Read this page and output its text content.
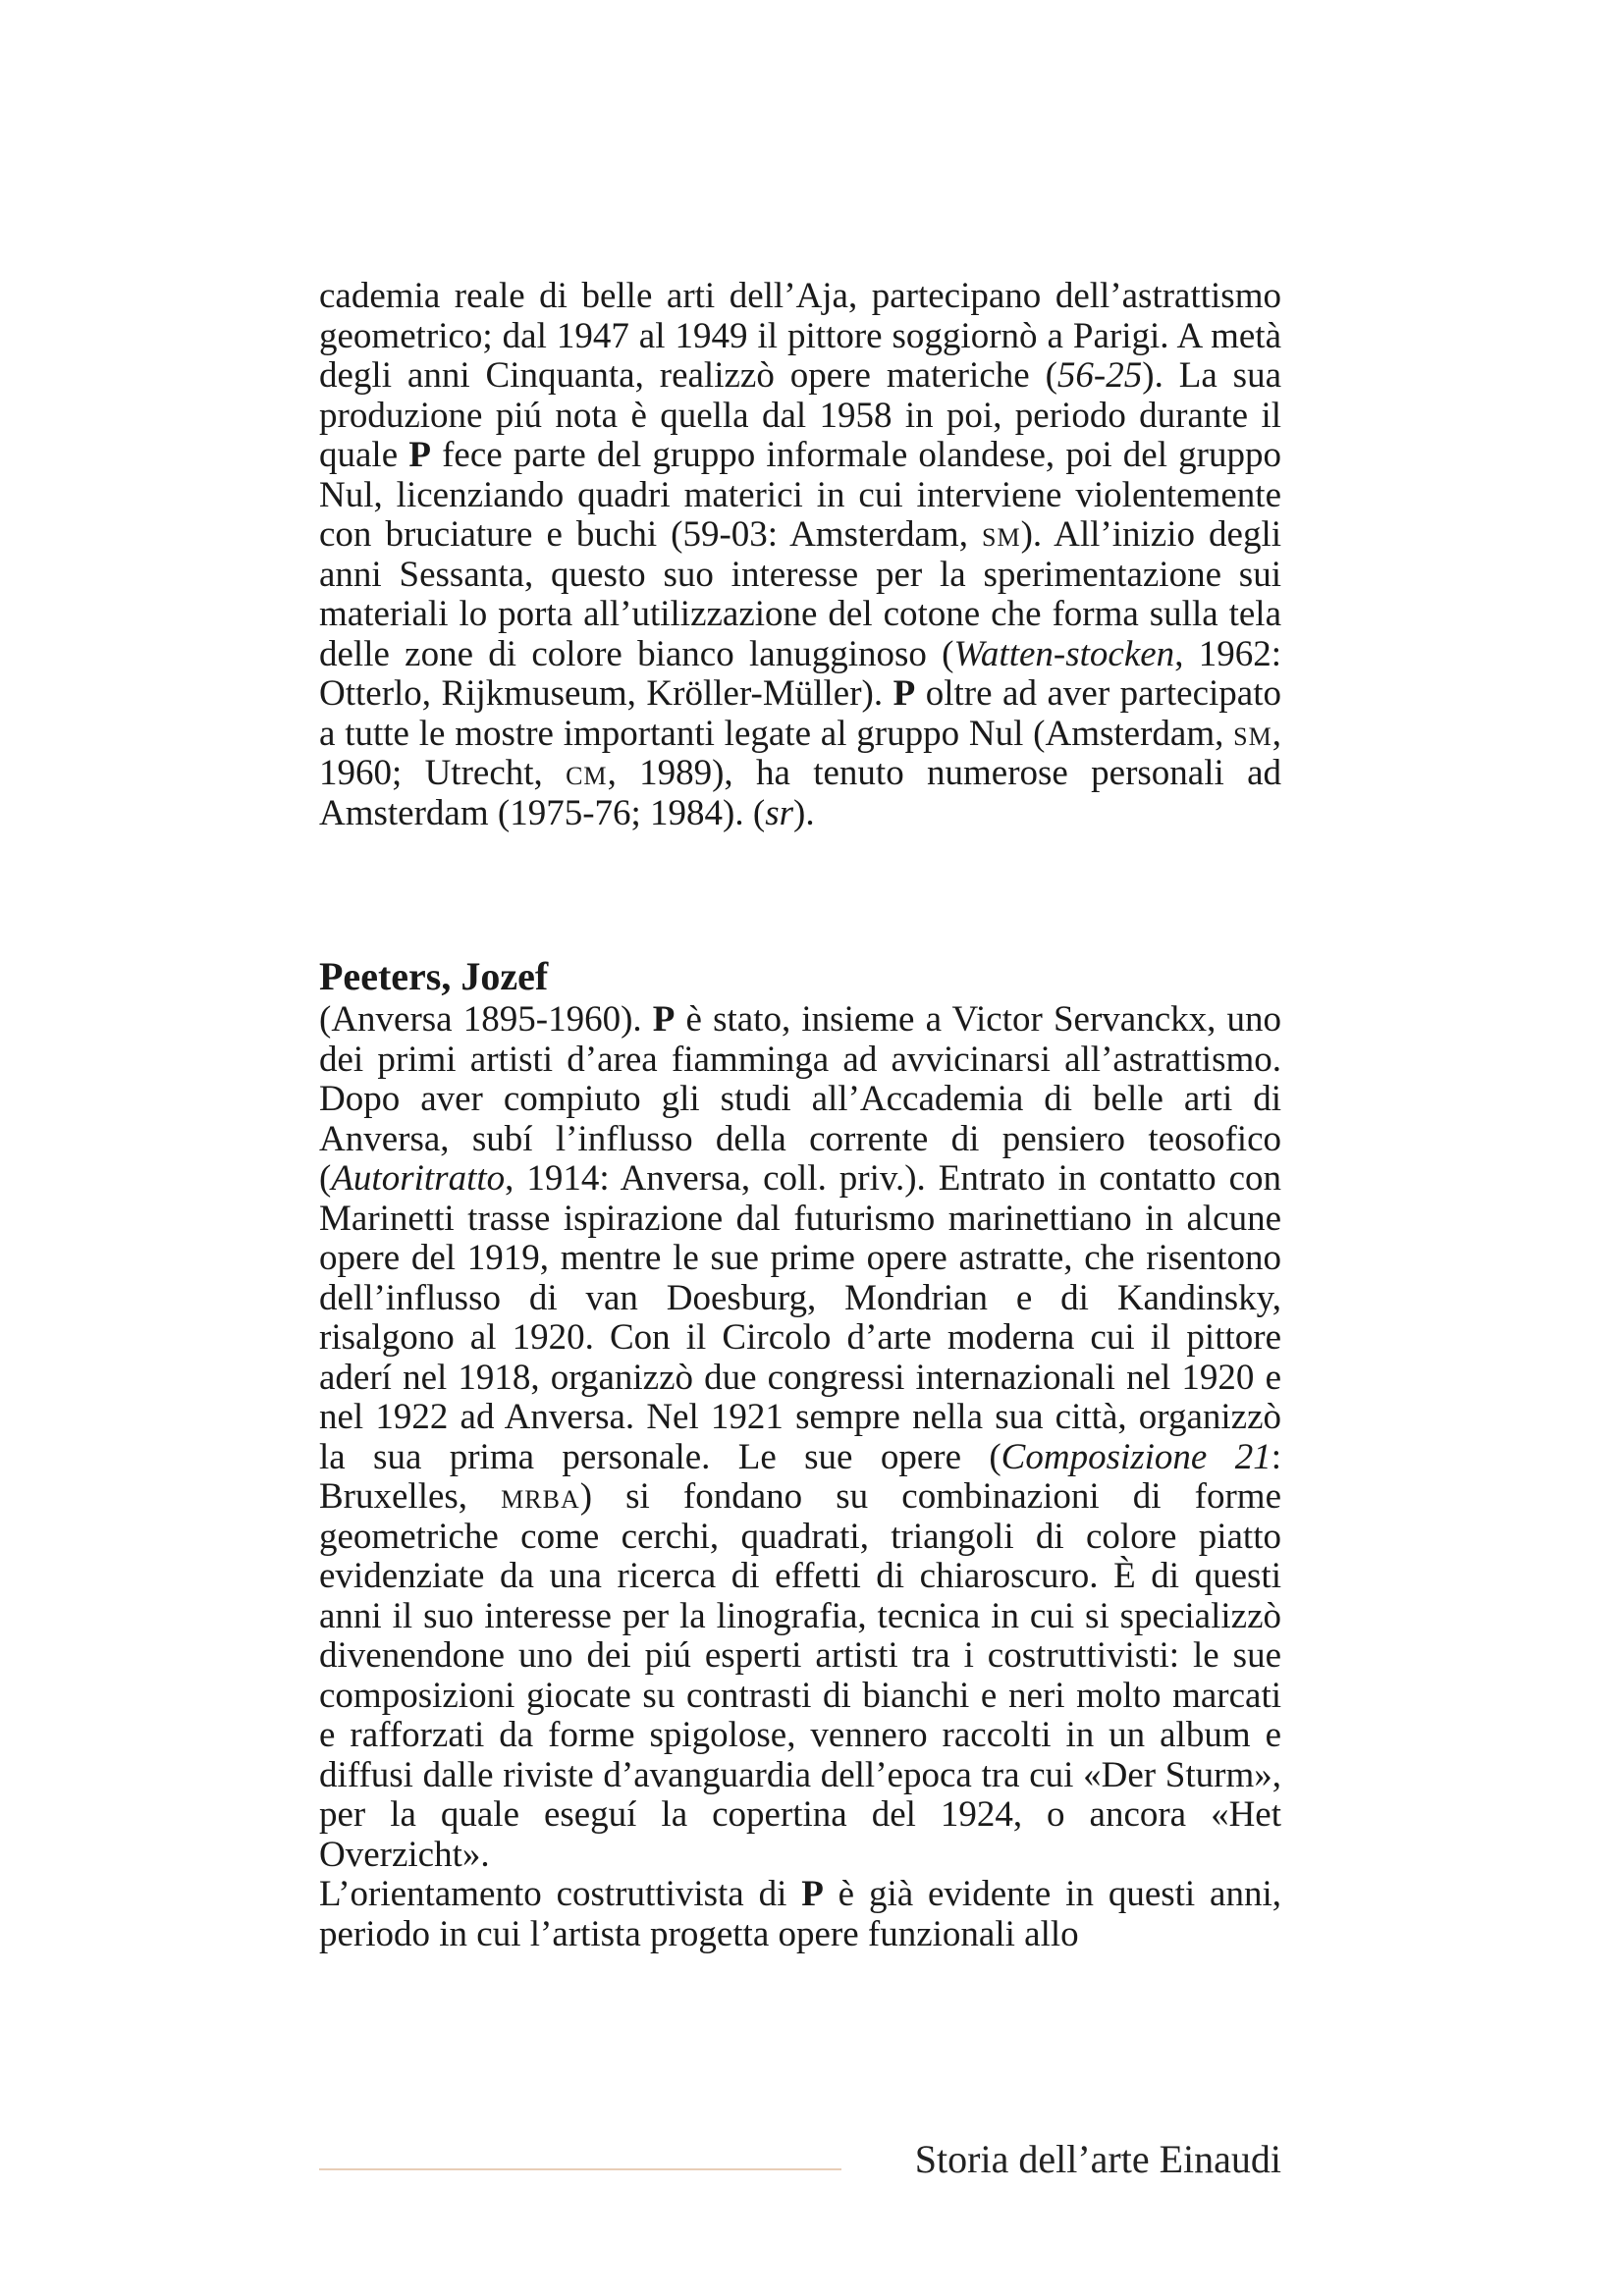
cademia reale di belle arti dell’Aja, partecipano dell’astrattismo geometrico; dal 1947 al 1949 il pittore soggiornò a Parigi. A metà degli anni Cinquanta, realizzò opere materiche (56-25). La sua produzione piú nota è quella dal 1958 in poi, periodo durante il quale P fece parte del gruppo informale olandese, poi del gruppo Nul, licenziando quadri materici in cui interviene violentemente con bruciature e buchi (59-03: Amsterdam, sm). All’inizio degli anni Sessanta, questo suo interesse per la sperimentazione sui materiali lo porta all’utilizzazione del cotone che forma sulla tela delle zone di colore bianco lanugginoso (Watten-stocken, 1962: Otterlo, Rijkmuseum, Kröller-Müller). P oltre ad aver partecipato a tutte le mostre importanti legate al gruppo Nul (Amsterdam, sm, 1960; Utrecht, cm, 1989), ha tenuto numerose personali ad Amsterdam (1975-76; 1984). (sr).

Peeters, Jozef

(Anversa 1895-1960). P è stato, insieme a Victor Servanckx, uno dei primi artisti d’area fiamminga ad avvicinarsi all’astrattismo. Dopo aver compiuto gli studi all’Accademia di belle arti di Anversa, subí l’influsso della corrente di pensiero teosofico (Autoritratto, 1914: Anversa, coll. priv.). Entrato in contatto con Marinetti trasse ispirazione dal futurismo marinettiano in alcune opere del 1919, mentre le sue prime opere astratte, che risentono dell’influsso di van Doesburg, Mondrian e di Kandinsky, risalgono al 1920. Con il Circolo d’arte moderna cui il pittore aderí nel 1918, organizzò due congressi internazionali nel 1920 e nel 1922 ad Anversa. Nel 1921 sempre nella sua città, organizzò la sua prima personale. Le sue opere (Composizione 21: Bruxelles, mrba) si fondano su combinazioni di forme geometriche come cerchi, quadrati, triangoli di colore piatto evidenziate da una ricerca di effetti di chiaroscuro. È di questi anni il suo interesse per la linografia, tecnica in cui si specializzò divenendone uno dei piú esperti artisti tra i costruttivisti: le sue composizioni giocate su contrasti di bianchi e neri molto marcati e rafforzati da forme spigolose, vennero raccolti in un album e diffusi dalle riviste d’avanguardia dell’epoca tra cui «Der Sturm», per la quale eseguí la copertina del 1924, o ancora «Het Overzicht».

L’orientamento costruttivista di P è già evidente in questi anni, periodo in cui l’artista progetta opere funzionali allo

Storia dell’arte Einaudi
